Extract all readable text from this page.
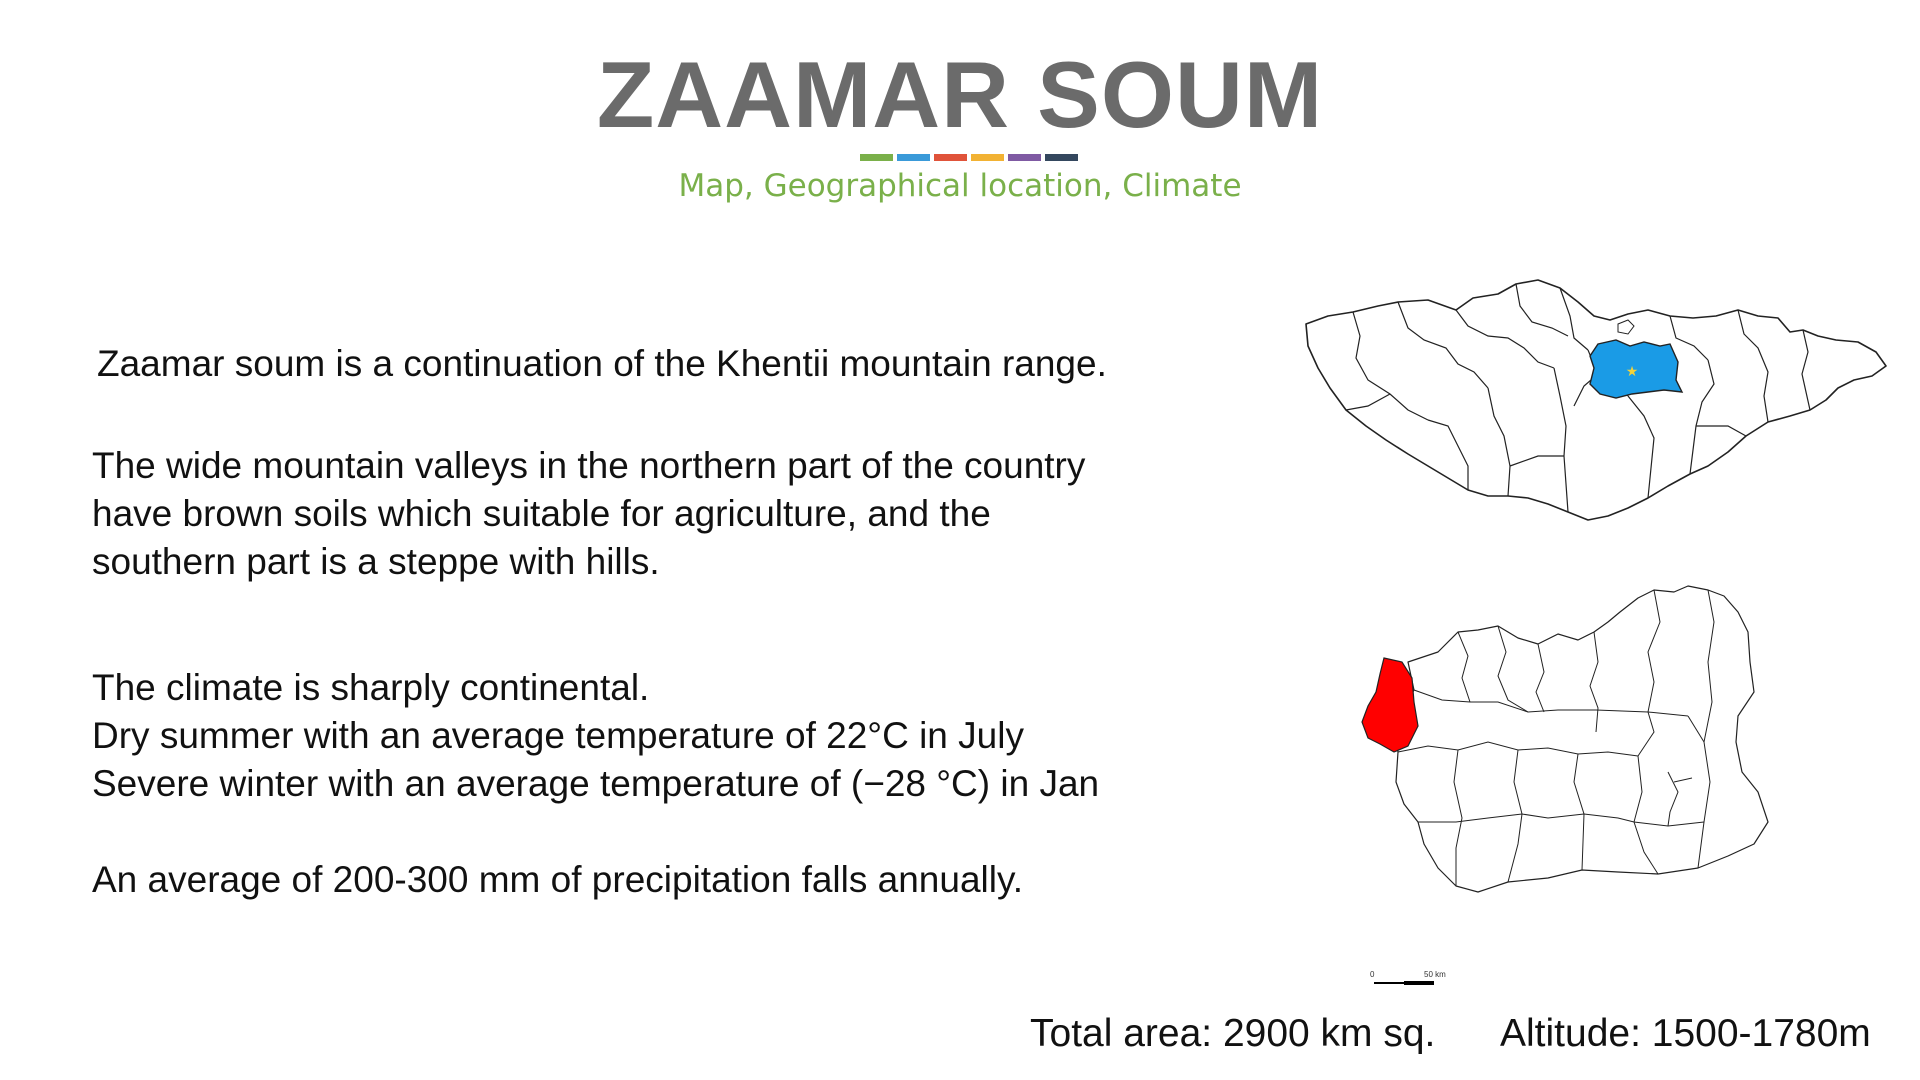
ZAAMAR SOUM
Map, Geographical location, Climate
Zaamar soum is a continuation of the Khentii mountain range.
The wide mountain valleys in the northern part of the country
have brown soils which suitable for agriculture, and the
southern part is a steppe with hills.
The climate is sharply continental.
Dry summer with an average temperature of 22°C in July
Severe winter with an average temperature of (−28 °C) in Jan
An average of 200-300 mm of precipitation falls annually.
★
0	50 km
Total area: 2900 km sq. Altitude: 1500-1780m
